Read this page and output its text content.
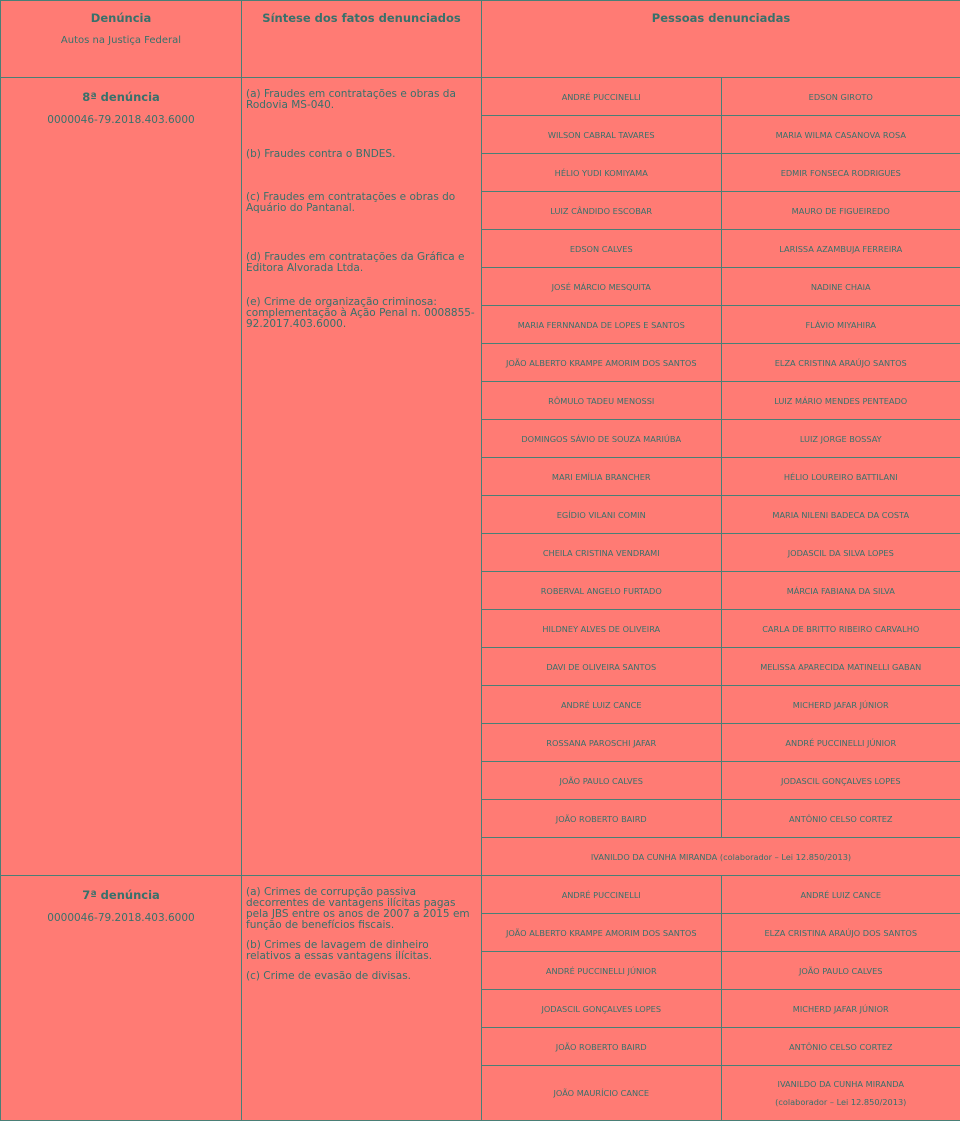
Denúncia
Autos na Justiça Federal
	Síntese dos fatos denunciados	Pessoas denunciadas

8ª denúncia
0000046-79.2018.403.6000

(a) Fraudes em contratações e obras da Rodovia MS-040.

(b) Fraudes contra o BNDES.

(c) Fraudes em contratações e obras do Aquário do Pantanal.

(d) Fraudes em contratações da Gráfica e Editora Alvorada Ltda.

(e) Crime de organização criminosa: complementação à Ação Penal n. 0008855-92.2017.403.6000.

ANDRÉ PUCCINELLI	EDSON GIROTO
WILSON CABRAL TAVARES	MARIA WILMA CASANOVA ROSA
HÉLIO YUDI KOMIYAMA	EDMIR FONSECA RODRIGUES
LUIZ CÂNDIDO ESCOBAR	MAURO DE FIGUEIREDO
EDSON CALVES	LARISSA AZAMBUJA FERREIRA
JOSÉ MÁRCIO MESQUITA	NADINE CHAIA
MARIA FERNNANDA DE LOPES E SANTOS	FLÁVIO MIYAHIRA
JOÃO ALBERTO KRAMPE AMORIM DOS SANTOS	ELZA CRISTINA ARAÚJO SANTOS
RÔMULO TADEU MENOSSI	LUIZ MÁRIO MENDES PENTEADO
DOMINGOS SÁVIO DE SOUZA MARIÚBA	LUIZ JORGE BOSSAY
MARI EMÍLIA BRANCHER	HÉLIO LOUREIRO BATTILANI
EGÍDIO VILANI COMIN	MARIA NILENI BADECA DA COSTA
CHEILA CRISTINA VENDRAMI	JODASCIL DA SILVA LOPES
ROBERVAL ANGELO FURTADO	MÁRCIA FABIANA DA SILVA
HILDNEY ALVES DE OLIVEIRA	CARLA DE BRITTO RIBEIRO CARVALHO
DAVI DE OLIVEIRA SANTOS	MELISSA APARECIDA MATINELLI GABAN
ANDRÉ LUIZ CANCE	MICHERD JAFAR JÚNIOR
ROSSANA PAROSCHI JAFAR	ANDRÉ PUCCINELLI JÚNIOR
JOÃO PAULO CALVES	JODASCIL GONÇALVES LOPES
JOÃO ROBERTO BAIRD	ANTÔNIO CELSO CORTEZ
IVANILDO DA CUNHA MIRANDA (colaborador – Lei 12.850/2013)

7ª denúncia
0000046-79.2018.403.6000

(a) Crimes de corrupção passiva decorrentes de vantagens ilícitas pagas pela JBS entre os anos de 2007 a 2015 em função de benefícios fiscais.

(b) Crimes de lavagem de dinheiro relativos a essas vantagens ilícitas.

(c) Crime de evasão de divisas.

ANDRÉ PUCCINELLI	ANDRÉ LUIZ CANCE
JOÃO ALBERTO KRAMPE AMORIM DOS SANTOS	ELZA CRISTINA ARAÚJO DOS SANTOS
ANDRÉ PUCCINELLI JÚNIOR	JOÃO PAULO CALVES
JODASCIL GONÇALVES LOPES	MICHERD JAFAR JÚNIOR
JOÃO ROBERTO BAIRD	ANTÔNIO CELSO CORTEZ
JOÃO MAURÍCIO CANCE	IVANILDO DA CUNHA MIRANDA
(colaborador – Lei 12.850/2013)
